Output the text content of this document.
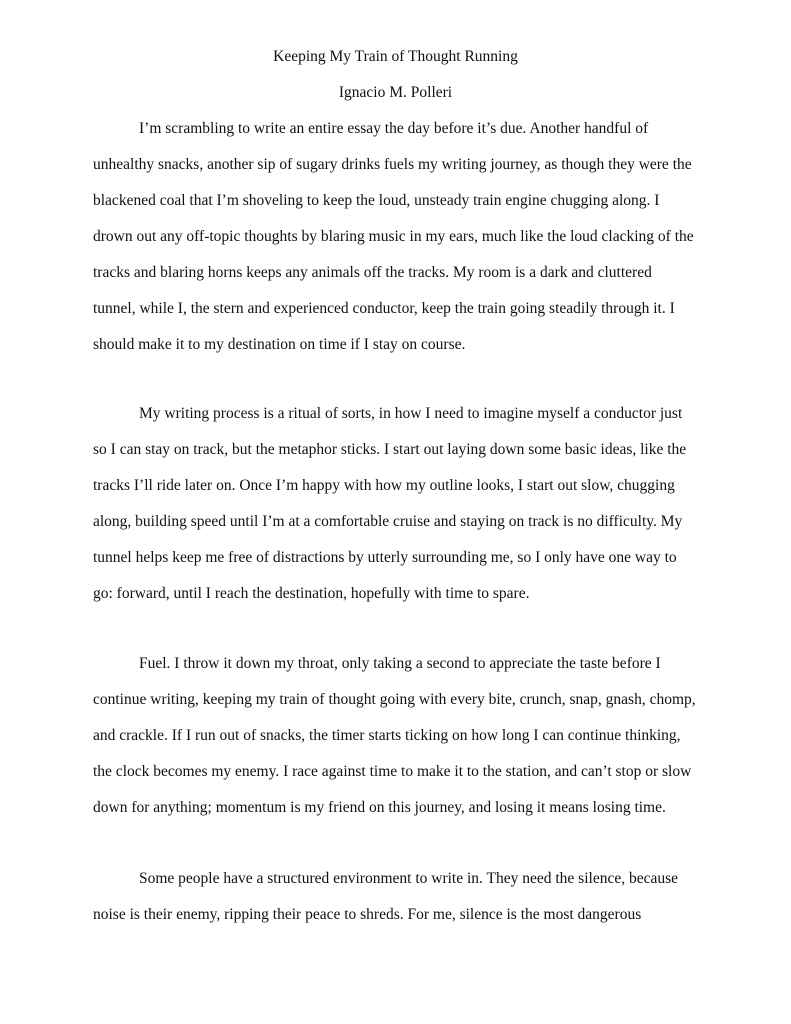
Keeping My Train of Thought Running
Ignacio M. Polleri
I’m scrambling to write an entire essay the day before it’s due. Another handful of
unhealthy snacks, another sip of sugary drinks fuels my writing journey, as though they were the
blackened coal that I’m shoveling to keep the loud, unsteady train engine chugging along. I
drown out any off-topic thoughts by blaring music in my ears, much like the loud clacking of the
tracks and blaring horns keeps any animals off the tracks. My room is a dark and cluttered
tunnel, while I, the stern and experienced conductor, keep the train going steadily through it. I
should make it to my destination on time if I stay on course.
My writing process is a ritual of sorts, in how I need to imagine myself a conductor just
so I can stay on track, but the metaphor sticks. I start out laying down some basic ideas, like the
tracks I’ll ride later on. Once I’m happy with how my outline looks, I start out slow, chugging
along, building speed until I’m at a comfortable cruise and staying on track is no difficulty. My
tunnel helps keep me free of distractions by utterly surrounding me, so I only have one way to
go: forward, until I reach the destination, hopefully with time to spare.
Fuel. I throw it down my throat, only taking a second to appreciate the taste before I
continue writing, keeping my train of thought going with every bite, crunch, snap, gnash, chomp,
and crackle. If I run out of snacks, the timer starts ticking on how long I can continue thinking,
the clock becomes my enemy. I race against time to make it to the station, and can’t stop or slow
down for anything; momentum is my friend on this journey, and losing it means losing time.
Some people have a structured environment to write in. They need the silence, because
noise is their enemy, ripping their peace to shreds. For me, silence is the most dangerous
